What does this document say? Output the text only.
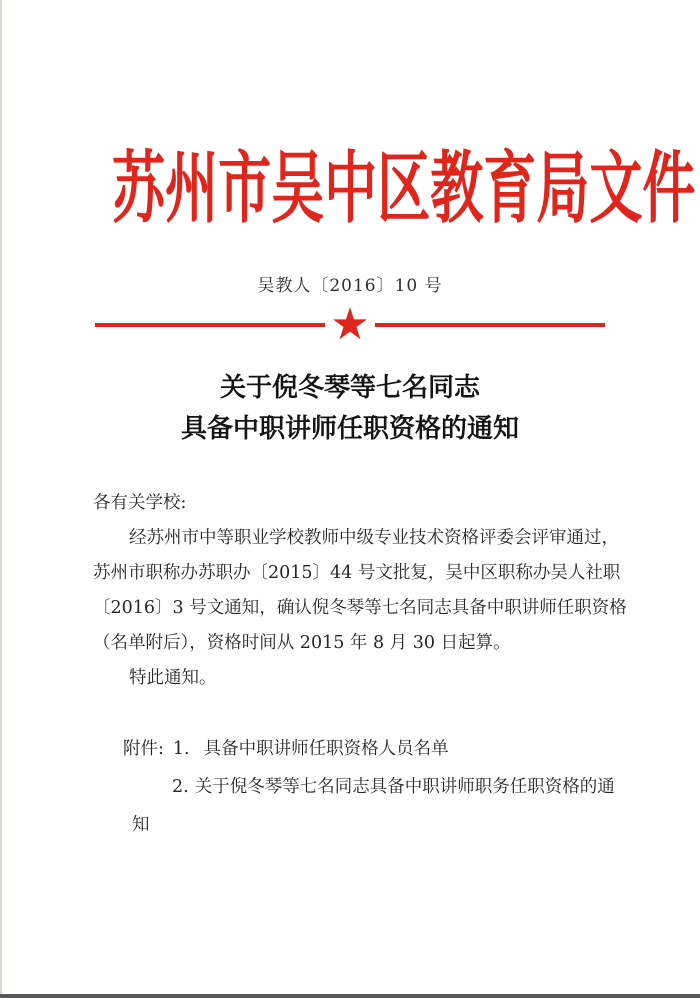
苏州市吴中区教育局文件
吴教人〔2016〕10 号
★
关于倪冬琴等七名同志
具备中职讲师任职资格的通知
各有关学校:
经苏州市中等职业学校教师中级专业技术资格评委会评审通过，
苏州市职称办苏职办〔2015〕44 号文批复，吴中区职称办吴人社职
〔2016〕3 号文通知，确认倪冬琴等七名同志具备中职讲师任职资格
（名单附后），资格时间从 2015 年 8 月 30 日起算。
特此通知。
附件: 1. 具备中职讲师任职资格人员名单
2. 关于倪冬琴等七名同志具备中职讲师职务任职资格的通
知
